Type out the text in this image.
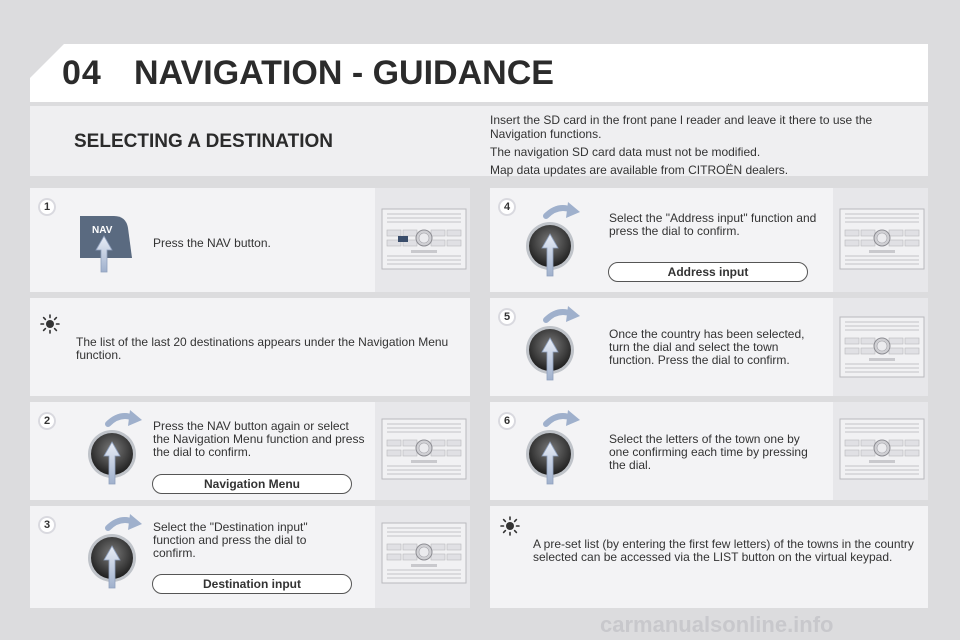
04 NAVIGATION - GUIDANCE
SELECTING A DESTINATION

Insert the SD card in the front pane l reader and leave it there to use the Navigation functions.

The navigation SD card data must not be modified.

Map data updates are available from CITROËN dealers.

1
NAV
Press the NAV button.
The list of the last 20 destinations appears under the Navigation Menu function.
2	Press the NAV button again or select the Navigation Menu function and press the dial to confirm.
Navigation Menu
3	Select the "Destination input" function and press the dial to confirm.
Destination input
4
Select the "Address input" function and press the dial to confirm.
Address input
5
Once the country has been selected, turn the dial and select the town function. Press the dial to confirm.
6
Select the letters of the town one by one confirming each time by pressing the dial.
A pre-set list (by entering the first few letters) of the towns in the country selected can be accessed via the LIST button on the virtual keypad.
carmanualsonline.info
